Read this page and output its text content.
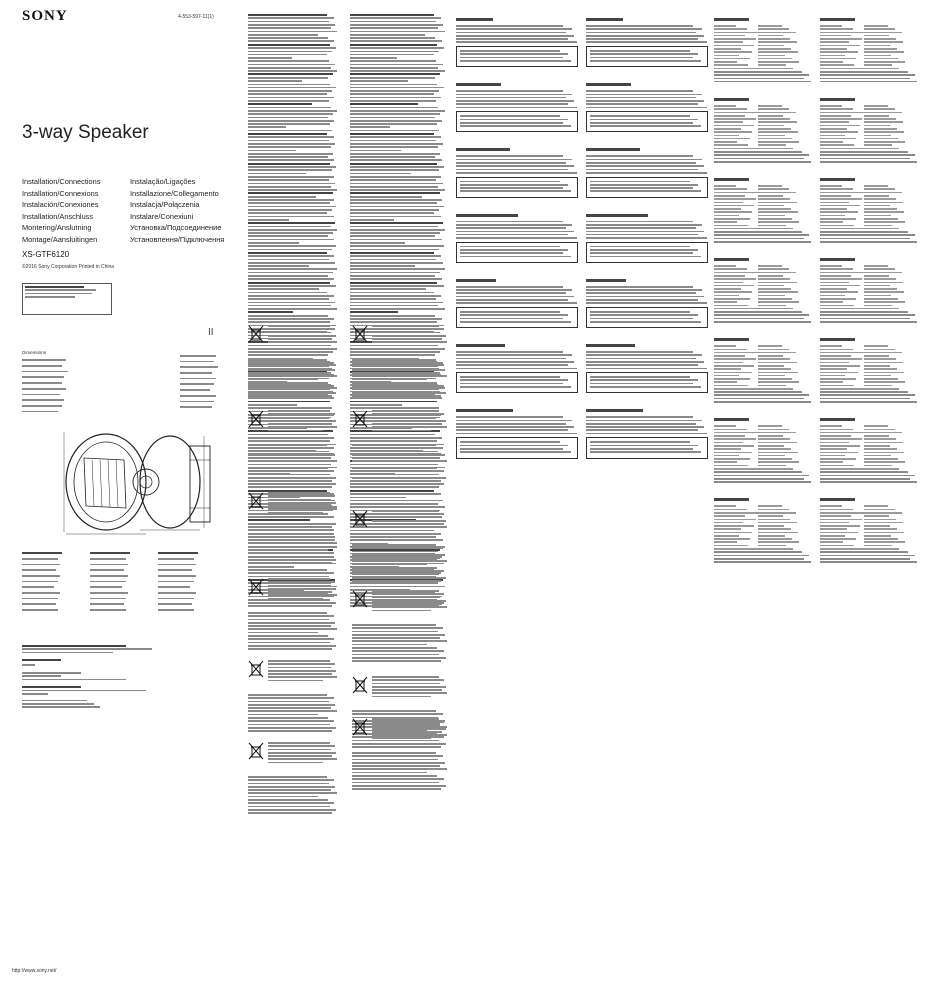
SONY	4-553-597-11(1)
3-way Speaker
Installation/Connections	Instalação/Ligações
Installation/Connexions	Installazione/Collegamento
Instalación/Conexiones	Instalacja/Połączenia
Installation/Anschluss	Instalare/Conexiuni
Montering/Anslutning	Установка/Подсоединение
Montage/Aansluitingen	Установлення/Підключення
XS-GTF6120
©2016 Sony Corporation Printed in China
II
Dimensions
http://www.sony.net/
